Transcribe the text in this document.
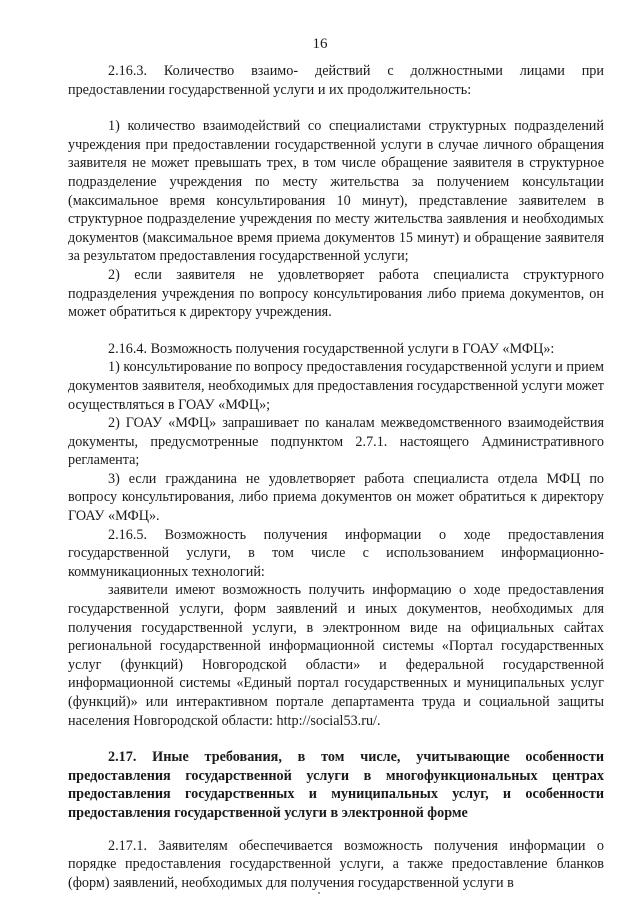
16

2.16.3. Количество взаимо- действий с должностными лицами при предоставлении государственной услуги и их продолжительность:

1) количество взаимодействий со специалистами структурных подразделений учреждения при предоставлении государственной услуги в случае личного обращения заявителя не может превышать трех, в том числе обращение заявителя в структурное подразделение учреждения по месту жительства за получением консультации (максимальное время консультирования 10 минут), представление заявителем в структурное подразделение учреждения по месту жительства заявления и необходимых документов (максимальное время приема документов 15 минут) и обращение заявителя за результатом предоставления государственной услуги;

2) если заявителя не удовлетворяет работа специалиста структурного подразделения учреждения по вопросу консультирования либо приема документов, он может обратиться к директору учреждения.

2.16.4. Возможность получения государственной услуги в ГОАУ «МФЦ»:

1) консультирование по вопросу предоставления государственной услуги и прием документов заявителя, необходимых для предоставления государственной услуги может осуществляться в ГОАУ «МФЦ»;

2) ГОАУ «МФЦ» запрашивает по каналам межведомственного взаимодействия документы, предусмотренные подпунктом 2.7.1. настоящего Административного регламента;

3) если гражданина не удовлетворяет работа специалиста отдела МФЦ по вопросу консультирования, либо приема документов он может обратиться к директору ГОАУ «МФЦ».

2.16.5. Возможность получения информации о ходе предоставления государственной услуги, в том числе с использованием информационно-коммуникационных технологий:

заявители имеют возможность получить информацию о ходе предоставления государственной услуги, форм заявлений и иных документов, необходимых для получения государственной услуги, в электронном виде на официальных сайтах региональной государственной информационной системы «Портал государственных услуг (функций) Новгородской области» и федеральной государственной информационной системы «Единый портал государственных и муниципальных услуг (функций)» или интерактивном портале департамента труда и социальной защиты населения Новгородской области: http://social53.ru/.

2.17. Иные требования, в том числе, учитывающие особенности предоставления государственной услуги в многофункциональных центрах предоставления государственных и муниципальных услуг, и особенности предоставления государственной услуги в электронной форме

2.17.1. Заявителям обеспечивается возможность получения информации о порядке предоставления государственной услуги, а также предоставление бланков (форм) заявлений, необходимых для получения государственной услуги в
